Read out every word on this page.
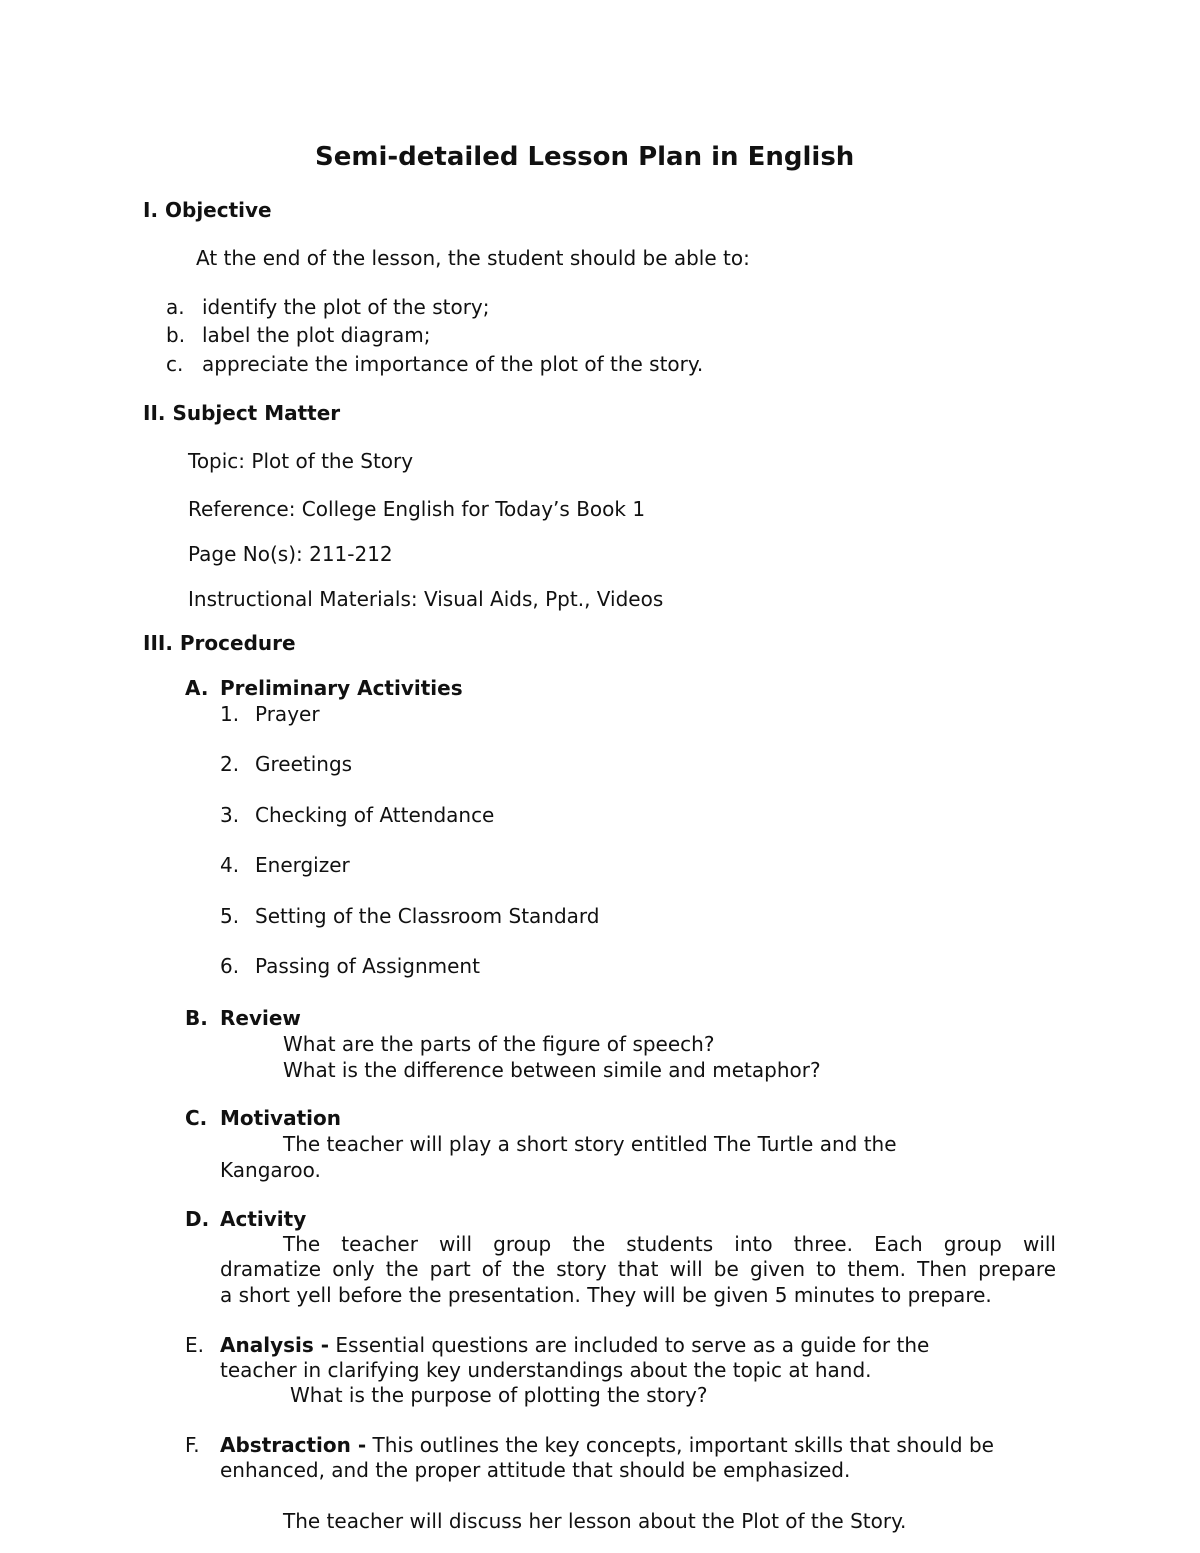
Semi-detailed Lesson Plan in English
I. Objective
At the end of the lesson, the student should be able to:
a. identify the plot of the story;
b. label the plot diagram;
c. appreciate the importance of the plot of the story.
II. Subject Matter
Topic: Plot of the Story
Reference: College English for Today’s Book 1
Page No(s): 211-212
Instructional Materials: Visual Aids, Ppt., Videos
III. Procedure
A. Preliminary Activities
1. Prayer
2. Greetings
3. Checking of Attendance
4. Energizer
5. Setting of the Classroom Standard
6. Passing of Assignment
B. Review
What are the parts of the figure of speech?
What is the difference between simile and metaphor?
C. Motivation
The teacher will play a short story entitled The Turtle and the
Kangaroo.
D. Activity
The teacher will group the students into three. Each group will
dramatize only the part of the story that will be given to them. Then prepare
a short yell before the presentation. They will be given 5 minutes to prepare.
E. Analysis - Essential questions are included to serve as a guide for the
teacher in clarifying key understandings about the topic at hand.
What is the purpose of plotting the story?
F. Abstraction - This outlines the key concepts, important skills that should be
enhanced, and the proper attitude that should be emphasized.
The teacher will discuss her lesson about the Plot of the Story.
